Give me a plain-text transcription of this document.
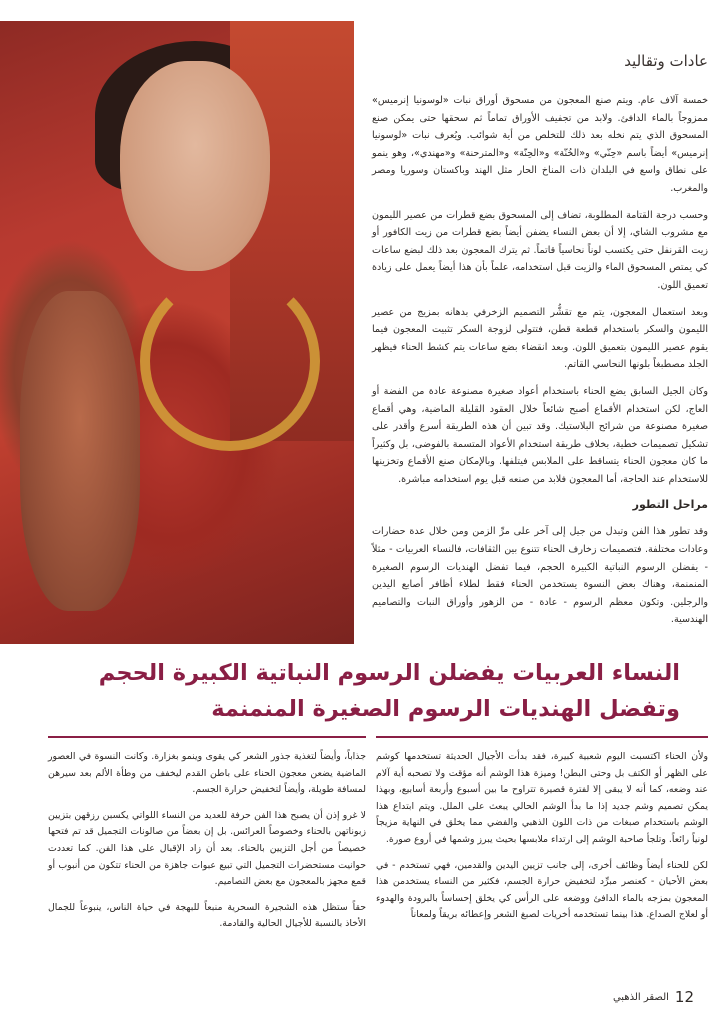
عادات وتقاليد

خمسة آلاف عام. ويتم صنع المعجون من مسحوق أوراق نبات «لوسونيا إنرميس» ممزوجاً بالماء الدافئ. ولابد من تجفيف الأوراق تماماً ثم سحقها حتى يمكن صنع المسحوق الذي يتم نخله بعد ذلك للتخلص من أية شوائب. ويُعرف نبات «لوسونيا إنرميس» أيضاً باسم «حِنّي» و«الخُنّة» و«الحِنّة» و«المترحنة» و«مهندي»، وهو ينمو على نطاق واسع في البلدان ذات المناخ الحار مثل الهند وباكستان وسوريا ومصر والمغرب.

وحسب درجة القتامة المطلوبة، تضاف إلى المسحوق بضع قطرات من عصير الليمون مع مشروب الشاي، إلا أن بعض النساء يضفن أيضاً بضع قطرات من زيت الكافور أو زيت القرنفل حتى يكتسب لوناً نحاسياً قاتماً. ثم يترك المعجون بعد ذلك لبضع ساعات كي يمتص المسحوق الماء والزيت قبل استخدامه، علماً بأن هذا أيضاً يعمل على زيادة تعميق اللون.

وبعد استعمال المعجون، يتم مع تقشُّر التصميم الزخرفي بدهانه بمزيج من عصير الليمون والسكر باستخدام قطعة قطن، فتتولى لزوجة السكر تثبيت المعجون فيما يقوم عصير الليمون بتعميق اللون. وبعد انقضاء بضع ساعات يتم كشط الحناء فيظهر الجلد مصطبغاً بلونها النحاسي القاتم.

وكان الجيل السابق يضع الحناء باستخدام أعواد صغيرة مصنوعة عادة من الفضة أو العاج، لكن استخدام الأقماع أصبح شائعاً خلال العقود القليلة الماضية، وهي أقماع صغيرة مصنوعة من شرائح البلاستيك. وقد تبين أن هذه الطريقة أسرع وأقدر على تشكيل تصميمات خطية، بخلاف طريقة استخدام الأعواد المتسمة بالفوضى، بل وكثيراً ما كان معجون الحناء يتساقط على الملابس فيتلفها. وبالإمكان صنع الأقماع وتخزينها للاستخدام عند الحاجة، أما المعجون فلابد من صنعه قبل يوم استخدامه مباشرة.

مراحل التطور

وقد تطور هذا الفن وتبدل من جيل إلى آخر على مرِّ الزمن ومن خلال عدة حضارات وعادات مختلفة. فتصميمات زخارف الحناء تتنوع بين الثقافات، فالنساء العربيات - مثلاً - يفضلن الرسوم النباتية الكبيرة الحجم، فيما تفضل الهنديات الرسوم الصغيرة المنمنمة، وهناك بعض النسوة يستخدمن الحناء فقط لطلاء أظافر أصابع اليدين والرجلين. وتكون معظم الرسوم - عادة - من الزهور وأوراق النبات والتصاميم الهندسية.

النساء العربيات يفضلن الرسوم النباتية الكبيرة الحجم وتفضل الهنديات الرسوم الصغيرة المنمنمة

ولأن الحناء اكتسبت اليوم شعبية كبيرة، فقد بدأت الأجيال الحديثة تستخدمها كوشم على الظهر أو الكتف بل وحتى البطن! وميزة هذا الوشم أنه مؤقت ولا تصحبه أية آلام عند وضعه، كما أنه لا يبقى إلا لفترة قصيرة تتراوح ما بين أسبوع وأربعة أسابيع، وبهذا يمكن تصميم وشم جديد إذا ما بدأ الوشم الحالي يبعث على الملل. ويتم ابتداع هذا الوشم باستخدام صبغات من ذات اللون الذهبي والفضي مما يخلق في النهاية مزيجاً لونياً رائعاً. وتلجأ صاحبة الوشم إلى ارتداء ملابسها بحيث يبرز وشمها في أروع صورة.

لكن للحناء أيضاً وظائف أخرى، إلى جانب تزيين اليدين والقدمين، فهي تستخدم - في بعض الأحيان - كعنصر مبرِّد لتخفيض حرارة الجسم، فكثير من النساء يستخدمن هذا المعجون بمزجه بالماء الدافئ ووضعه على الرأس كي يخلق إحساساً بالبرودة والهدوء أو لعلاج الصداع. هذا بينما تستخدمه أخريات لصبغ الشعر وإعطائه بريقاً ولمعاناً

جذاباً، وأيضاً لتغذية جذور الشعر كي يقوى وينمو بغزارة. وكانت النسوة في العصور الماضية يضعن معجون الحناء على باطن القدم ليخفف من وطأة الألم بعد سيرهن لمسافة طويلة، وأيضاً لتخفيض حرارة الجسم.

لا غرو إذن أن يصبح هذا الفن حرفة للعديد من النساء اللواتي يكسبن رزقهن بتزيين زبوناتهن بالحناء وخصوصاً العرائس. بل إن بعضاً من صالونات التجميل قد تم فتحها خصيصاً من أجل التزيين بالحناء. بعد أن زاد الإقبال على هذا الفن. كما تعددت حوانيت مستحضرات التجميل التي تبيع عبوات جاهزة من الحناء تتكون من أنبوب أو قمع مجهز بالمعجون مع بعض التصاميم.

حقاً ستظل هذه الشجيرة السحرية منبعاً للبهجة في حياة الناس، ينبوعاً للجمال الأخاذ بالنسبة للأجيال الحالية والقادمة.

12
الصقر الذهبي
